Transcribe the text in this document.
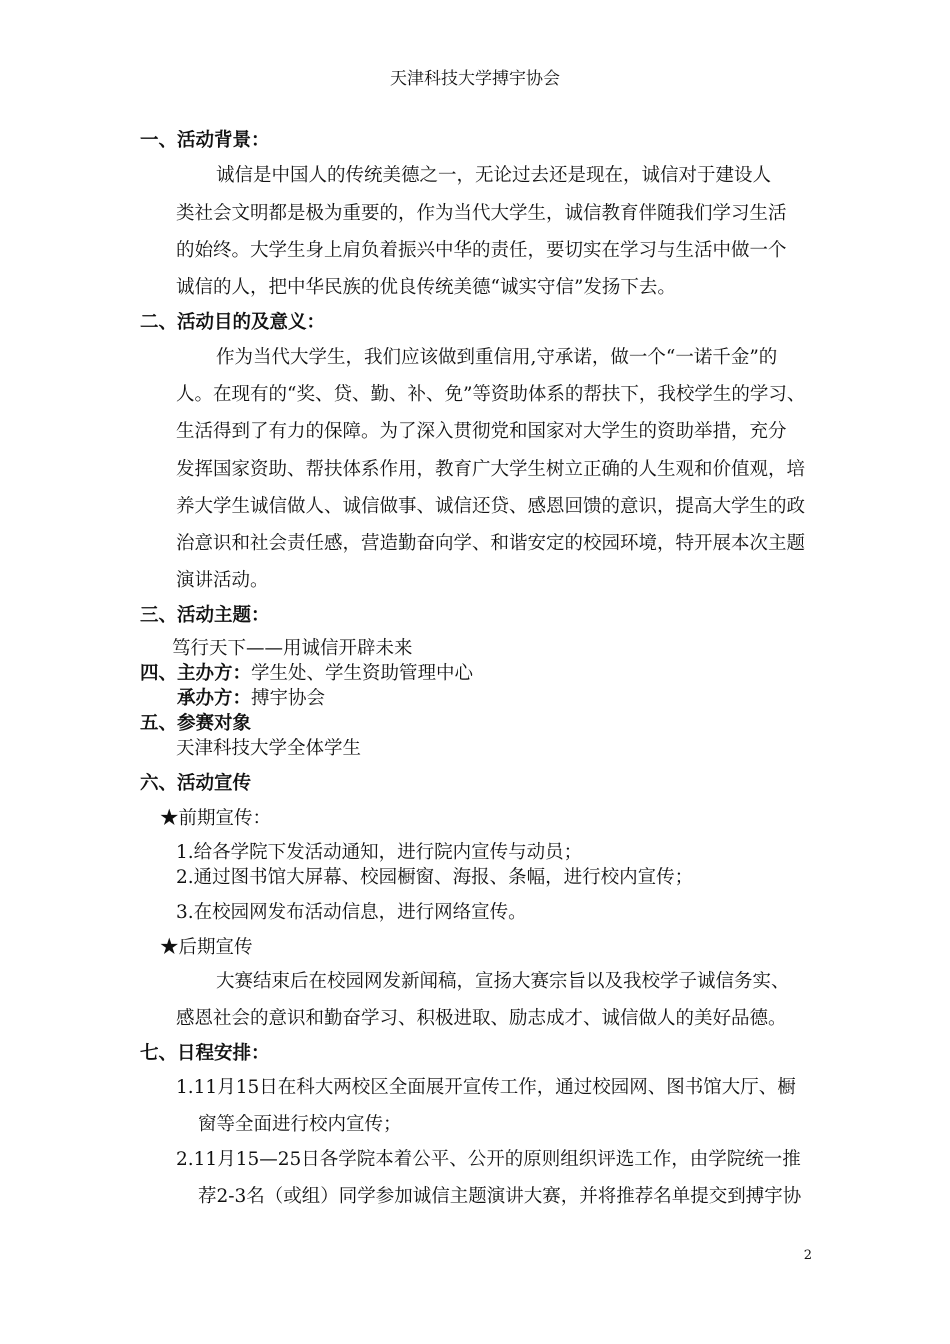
天津科技大学搏宇协会
一、活动背景：
诚信是中国人的传统美德之一，无论过去还是现在，诚信对于建设人
类社会文明都是极为重要的，作为当代大学生，诚信教育伴随我们学习生活
的始终。大学生身上肩负着振兴中华的责任，要切实在学习与生活中做一个
诚信的人，把中华民族的优良传统美德“诚实守信”发扬下去。
二、活动目的及意义：
作为当代大学生，我们应该做到重信用,守承诺，做一个“一诺千金”的
人。在现有的“奖、贷、勤、补、免”等资助体系的帮扶下，我校学生的学习、
生活得到了有力的保障。为了深入贯彻党和国家对大学生的资助举措，充分
发挥国家资助、帮扶体系作用，教育广大学生树立正确的人生观和价值观，培
养大学生诚信做人、诚信做事、诚信还贷、感恩回馈的意识，提高大学生的政
治意识和社会责任感，营造勤奋向学、和谐安定的校园环境，特开展本次主题
演讲活动。
三、活动主题：
笃行天下——用诚信开辟未来
四、主办方：学生处、学生资助管理中心
承办方：搏宇协会
五、参赛对象
天津科技大学全体学生
六、活动宣传
★前期宣传：
1.给各学院下发活动通知，进行院内宣传与动员；
2.通过图书馆大屏幕、校园橱窗、海报、条幅，进行校内宣传；
3.在校园网发布活动信息，进行网络宣传。
★后期宣传
大赛结束后在校园网发新闻稿，宣扬大赛宗旨以及我校学子诚信务实、
感恩社会的意识和勤奋学习、积极进取、励志成才、诚信做人的美好品德。
七、日程安排：
1.11月15日在科大两校区全面展开宣传工作，通过校园网、图书馆大厅、橱
窗等全面进行校内宣传；
2.11月15—25日各学院本着公平、公开的原则组织评选工作，由学院统一推
荐2-3名（或组）同学参加诚信主题演讲大赛，并将推荐名单提交到搏宇协
2
